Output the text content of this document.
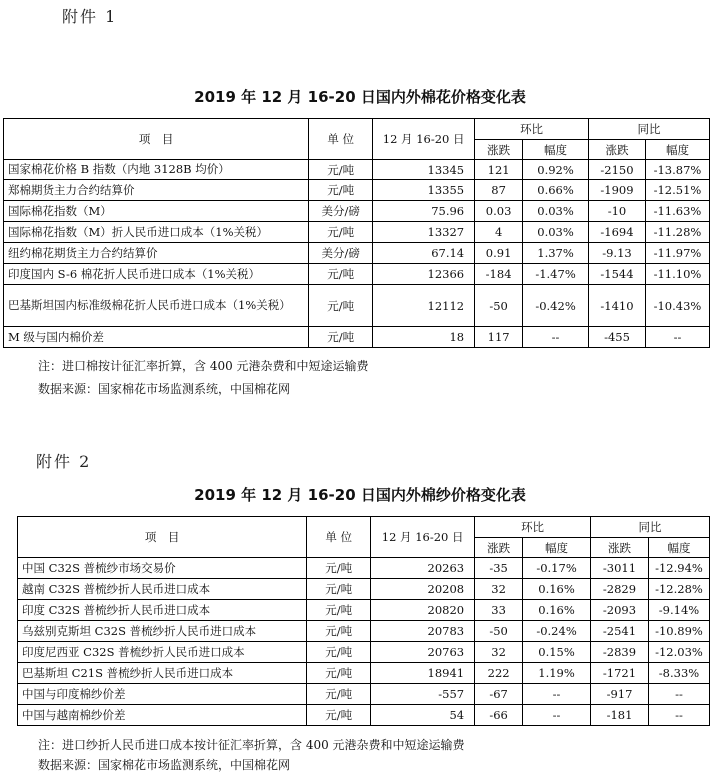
附件 1
2019 年 12 月 16-20 日国内外棉花价格变化表
项　目	单 位	12 月 16-20 日	环比		同比	
			涨跌	幅度	涨跌	幅度
国家棉花价格 B 指数（内地 3128B 均价）	元/吨	13345	121	0.92%	-2150	-13.87%
郑棉期货主力合约结算价	元/吨	13355	87	0.66%	-1909	-12.51%
国际棉花指数（M）	美分/磅	75.96	0.03	0.03%	-10	-11.63%
国际棉花指数（M）折人民币进口成本（1%关税）	元/吨	13327	4	0.03%	-1694	-11.28%
纽约棉花期货主力合约结算价	美分/磅	67.14	0.91	1.37%	-9.13	-11.97%
印度国内 S-6 棉花折人民币进口成本（1%关税）	元/吨	12366	-184	-1.47%	-1544	-11.10%
巴基斯坦国内标准级棉花折人民币进口成本（1%关税）	元/吨	12112	-50	-0.42%	-1410	-10.43%
M 级与国内棉价差	元/吨	18	117	--	-455	--
注：进口棉按计征汇率折算，含 400 元港杂费和中短途运输费
数据来源：国家棉花市场监测系统，中国棉花网
附件 2
2019 年 12 月 16-20 日国内外棉纱价格变化表
项　目	单 位	12 月 16-20 日	环比		同比	
			涨跌	幅度	涨跌	幅度
中国 C32S 普梳纱市场交易价	元/吨	20263	-35	-0.17%	-3011	-12.94%
越南 C32S 普梳纱折人民币进口成本	元/吨	20208	32	0.16%	-2829	-12.28%
印度 C32S 普梳纱折人民币进口成本	元/吨	20820	33	0.16%	-2093	-9.14%
乌兹别克斯坦 C32S 普梳纱折人民币进口成本	元/吨	20783	-50	-0.24%	-2541	-10.89%
印度尼西亚 C32S 普梳纱折人民币进口成本	元/吨	20763	32	0.15%	-2839	-12.03%
巴基斯坦 C21S 普梳纱折人民币进口成本	元/吨	18941	222	1.19%	-1721	-8.33%
中国与印度棉纱价差	元/吨	-557	-67	--	-917	--
中国与越南棉纱价差	元/吨	54	-66	--	-181	--
注：进口纱折人民币进口成本按计征汇率折算，含 400 元港杂费和中短途运输费
数据来源：国家棉花市场监测系统，中国棉花网
